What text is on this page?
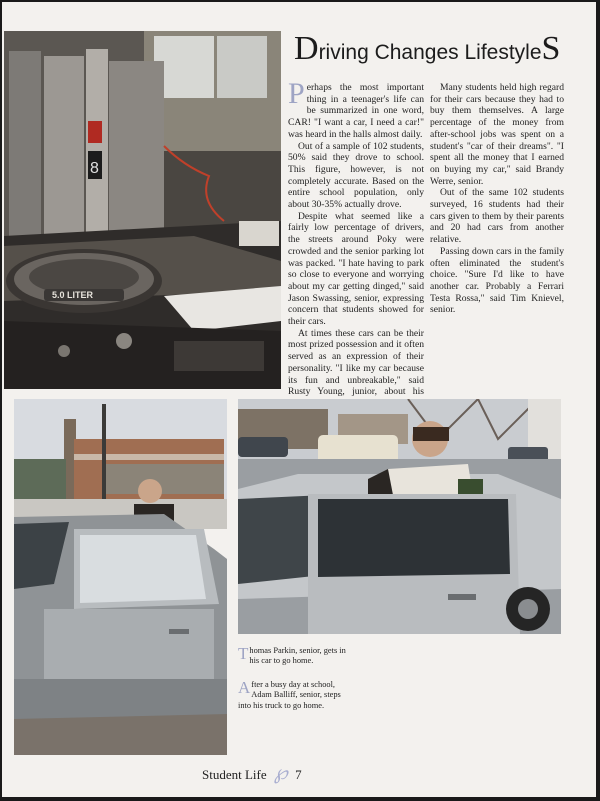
8
5.0 LITER
Driving Changes LifestyleS

Perhaps the most important thing in a teenager's life can be summarized in one word, CAR! "I want a car, I need a car!" was heard in the halls almost daily.

Out of a sample of 102 students, 50% said they drove to school. This figure, however, is not completely accurate. Based on the entire school population, only about 30-35% actually drove.

Despite what seemed like a fairly low percentage of drivers, the streets around Poky were crowded and the senior parking lot was packed. "I hate having to park so close to everyone and worrying about my car getting dinged," said Jason Swassing, senior, expressing concern that students showed for their cars.

At times these cars can be their most prized possession and it often served as an expression of their personality. "I like my car because its fun and unbreakable," said Rusty Young, junior, about his

Many students held high regard for their cars because they had to buy them themselves. A large percentage of the money from after-school jobs was spent on a student's "car of their dreams". "I spent all the money that I earned on buying my car," said Brandy Werre, senior.

Out of the same 102 students surveyed, 16 students had their cars given to them by their parents and 20 had cars from another relative.

Passing down cars in the family often eliminated the student's choice. "Sure I'd like to have another car. Probably a Ferrari Testa Rossa," said Tim Knievel, senior.

Thomas Parkin, senior, gets in his car to go home.
After a busy day at school, Adam Balliff, senior, steps into his truck to go home.
Student Life ℘ 7
